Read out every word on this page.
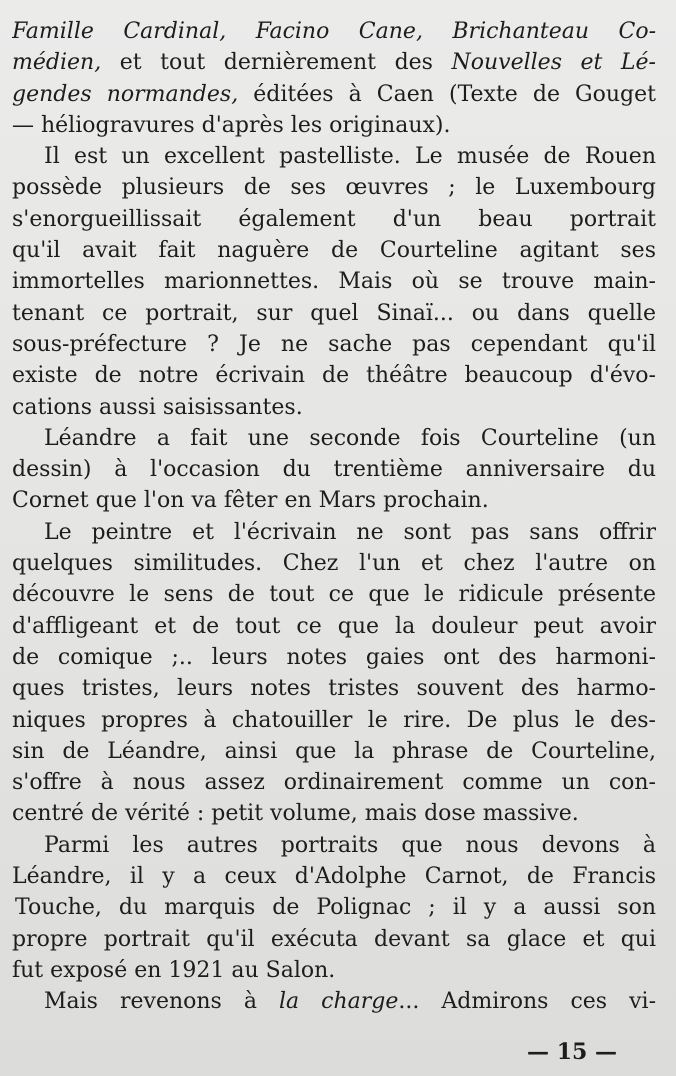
Famille Cardinal, Facino Cane, Brichanteau Co-
médien, et tout dernièrement des Nouvelles et Lé-
gendes normandes, éditées à Caen (Texte de Gouget
— héliogravures d'après les originaux).
Il est un excellent pastelliste. Le musée de Rouen
possède plusieurs de ses œuvres ; le Luxembourg
s'enorgueillissait également d'un beau portrait
qu'il avait fait naguère de Courteline agitant ses
immortelles marionnettes. Mais où se trouve main-
tenant ce portrait, sur quel Sinaï... ou dans quelle
sous-préfecture ? Je ne sache pas cependant qu'il
existe de notre écrivain de théâtre beaucoup d'évo-
cations aussi saisissantes.
Léandre a fait une seconde fois Courteline (un
dessin) à l'occasion du trentième anniversaire du
Cornet que l'on va fêter en Mars prochain.
Le peintre et l'écrivain ne sont pas sans offrir
quelques similitudes. Chez l'un et chez l'autre on
découvre le sens de tout ce que le ridicule présente
d'affligeant et de tout ce que la douleur peut avoir
de comique ;.. leurs notes gaies ont des harmoni-
ques tristes, leurs notes tristes souvent des harmo-
niques propres à chatouiller le rire. De plus le des-
sin de Léandre, ainsi que la phrase de Courteline,
s'offre à nous assez ordinairement comme un con-
centré de vérité : petit volume, mais dose massive.
Parmi les autres portraits que nous devons à
Léandre, il y a ceux d'Adolphe Carnot, de Francis
Touche, du marquis de Polignac ; il y a aussi son
propre portrait qu'il exécuta devant sa glace et qui
fut exposé en 1921 au Salon.
Mais revenons à la charge... Admirons ces vi-
— 15 —
